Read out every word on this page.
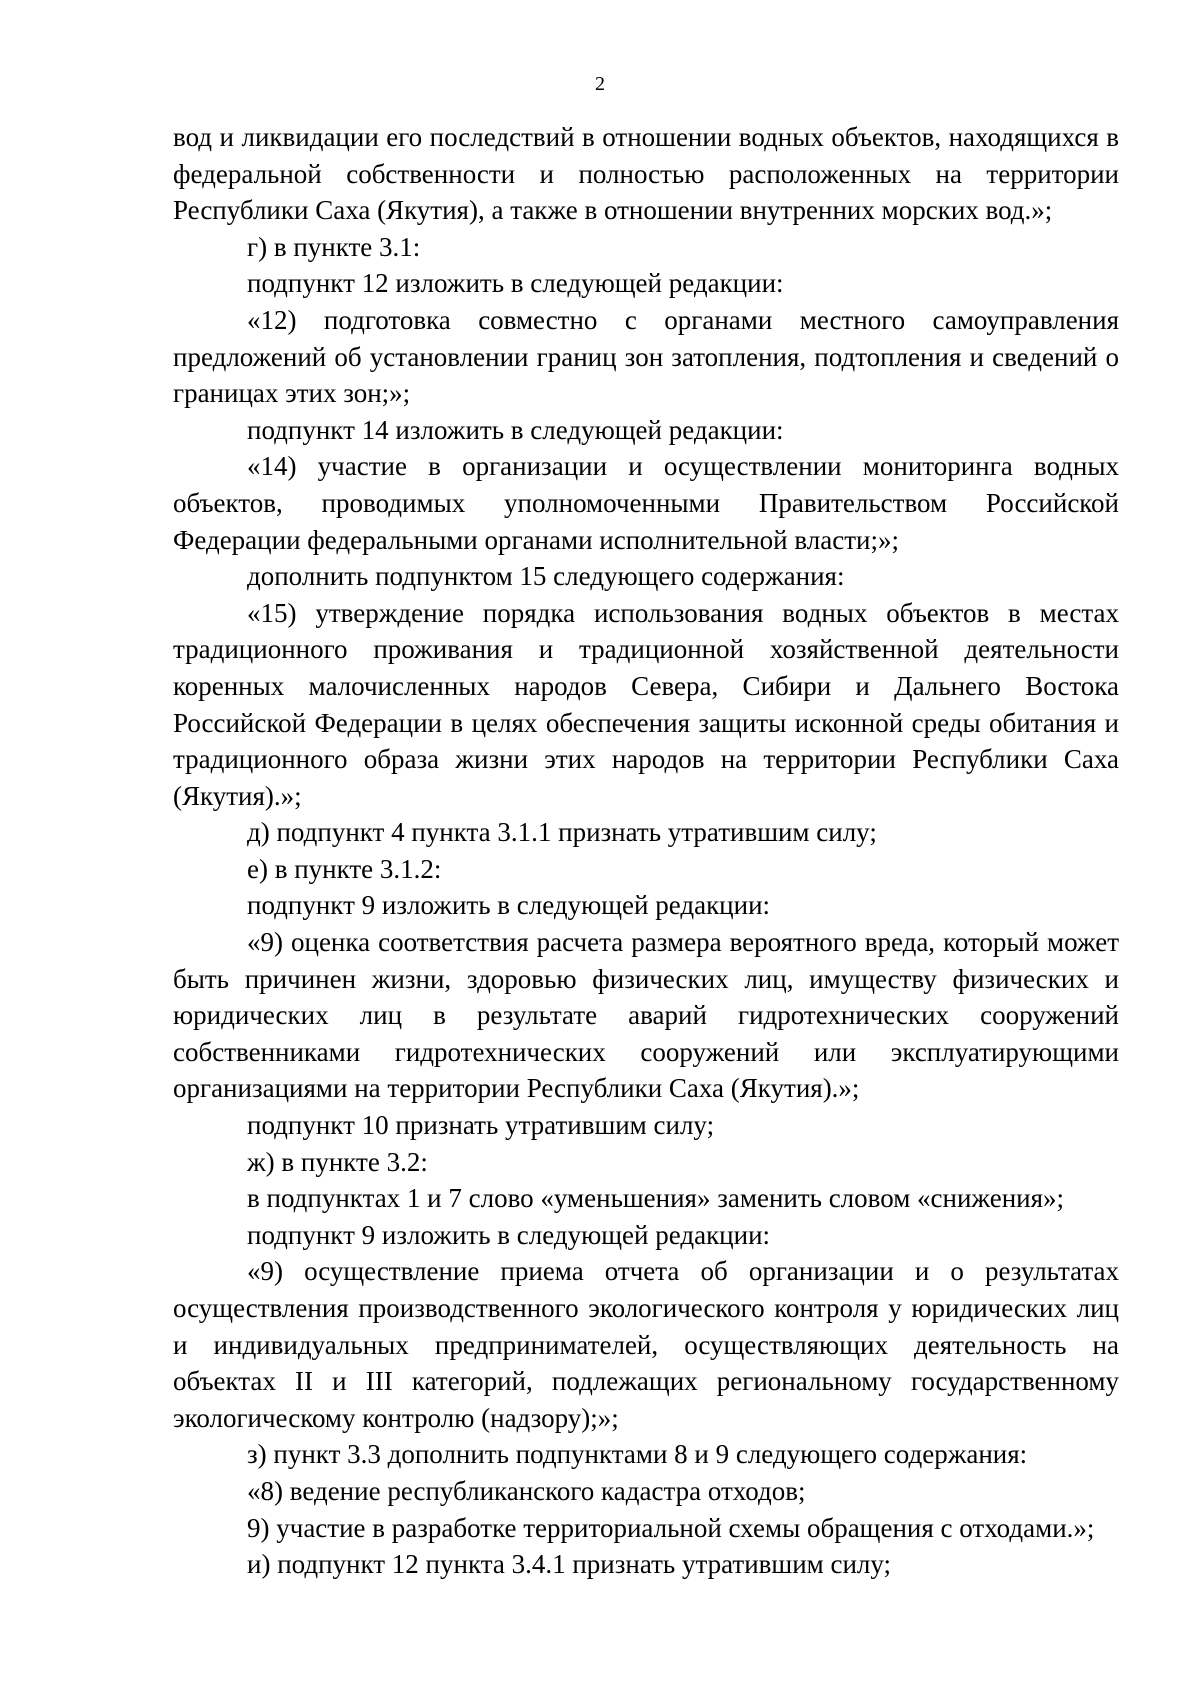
2

вод и ликвидации его последствий в отношении водных объектов, находящихся в федеральной собственности и полностью расположенных на территории Республики Саха (Якутия), а также в отношении внутренних морских вод.»;

г) в пункте 3.1:

подпункт 12 изложить в следующей редакции:

«12) подготовка совместно с органами местного самоуправления предложений об установлении границ зон затопления, подтопления и сведений о границах этих зон;»;

подпункт 14 изложить в следующей редакции:

«14) участие в организации и осуществлении мониторинга водных объектов, проводимых уполномоченными Правительством Российской Федерации федеральными органами исполнительной власти;»;

дополнить подпунктом 15 следующего содержания:

«15) утверждение порядка использования водных объектов в местах традиционного проживания и традиционной хозяйственной деятельности коренных малочисленных народов Севера, Сибири и Дальнего Востока Российской Федерации в целях обеспечения защиты исконной среды обитания и традиционного образа жизни этих народов на территории Республики Саха (Якутия).»;

д) подпункт 4 пункта 3.1.1 признать утратившим силу;

е) в пункте 3.1.2:

подпункт 9 изложить в следующей редакции:

«9) оценка соответствия расчета размера вероятного вреда, который может быть причинен жизни, здоровью физических лиц, имуществу физических и юридических лиц в результате аварий гидротехнических сооружений собственниками гидротехнических сооружений или эксплуатирующими организациями на территории Республики Саха (Якутия).»;

подпункт 10 признать утратившим силу;

ж) в пункте 3.2:

в подпунктах 1 и 7 слово «уменьшения» заменить словом «снижения»;

подпункт 9 изложить в следующей редакции:

«9) осуществление приема отчета об организации и о результатах осуществления производственного экологического контроля у юридических лиц и индивидуальных предпринимателей, осуществляющих деятельность на объектах II и III категорий, подлежащих региональному государственному экологическому контролю (надзору);»;

з) пункт 3.3 дополнить подпунктами 8 и 9 следующего содержания:

«8) ведение республиканского кадастра отходов;

9) участие в разработке территориальной схемы обращения с отходами.»;

и) подпункт 12 пункта 3.4.1 признать утратившим силу;
